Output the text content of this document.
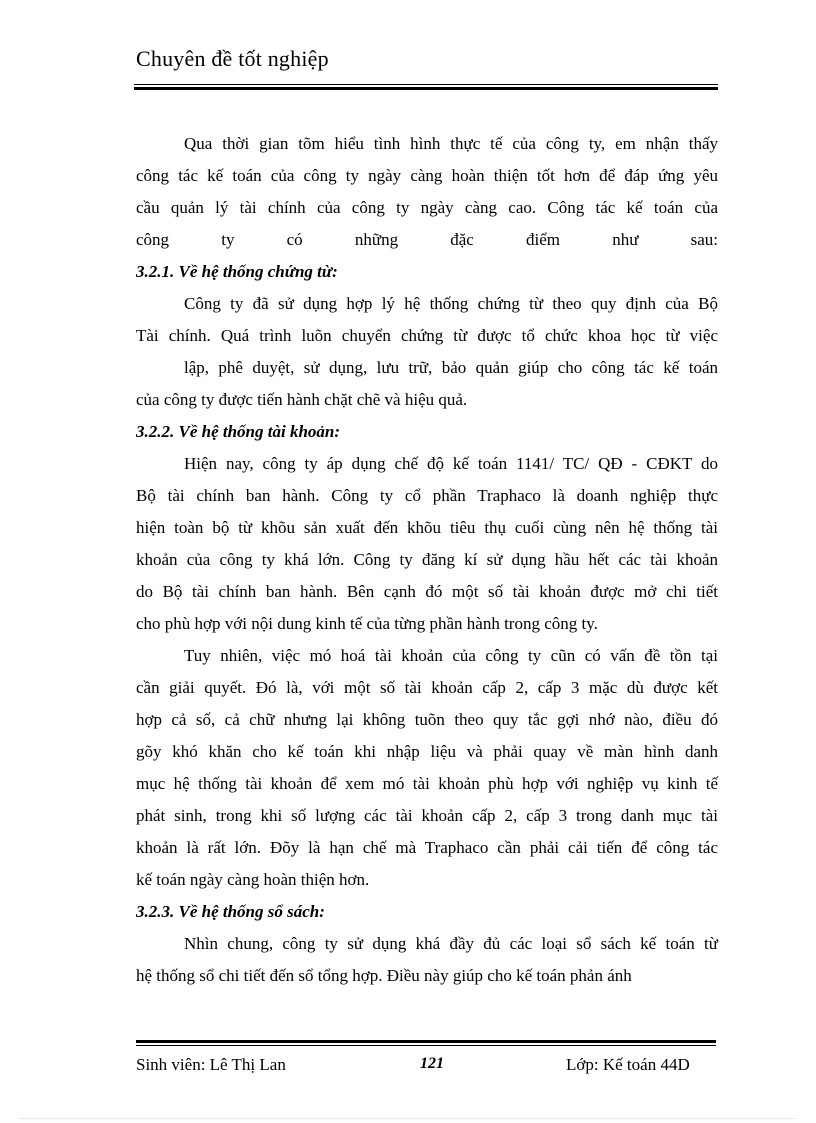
Chuyên đề tốt nghiệp
Qua thời gian tõm hiểu tình hình thực tế của công ty, em nhận thấy
công tác kế toán của công ty ngày càng hoàn thiện tốt hơn để đáp ứng yêu
cầu quản lý tài chính của công ty ngày càng cao. Công tác kế toán của
công ty có những đặc điểm như sau:
3.2.1. Về hệ thống chứng từ:
Công ty đã sử dụng hợp lý hệ thống chứng từ theo quy định của Bộ
Tài chính. Quá trình luõn chuyển chứng từ được tổ chức khoa học từ việc
lập, phê duyệt, sử dụng, lưu trữ, bảo quản giúp cho công tác kế toán
của công ty được tiến hành chặt chẽ và hiệu quả.
3.2.2. Về hệ thống tài khoản:
Hiện nay, công ty áp dụng chế độ kế toán 1141/ TC/ QĐ - CĐKT do
Bộ tài chính ban hành. Công ty cổ phần Traphaco là doanh nghiệp thực
hiện toàn bộ từ khõu sản xuất đến khõu tiêu thụ cuối cùng nên hệ thống tài
khoản của công ty khá lớn. Công ty đăng kí sử dụng hầu hết các tài khoản
do Bộ tài chính ban hành. Bên cạnh đó một số tài khoản được mở chi tiết
cho phù hợp với nội dung kinh tế của từng phần hành trong công ty.
Tuy nhiên, việc mó hoá tài khoản của công ty cũn có vấn đề tồn tại
cần giải quyết. Đó là, với một số tài khoản cấp 2, cấp 3 mặc dù được kết
hợp cả số, cả chữ nhưng lại không tuõn theo quy tắc gợi nhớ nào, điều đó
gõy khó khăn cho kế toán khi nhập liệu và phải quay về màn hình danh
mục hệ thống tài khoản để xem mó tài khoản phù hợp với nghiệp vụ kinh tế
phát sinh, trong khi số lượng các tài khoản cấp 2, cấp 3 trong danh mục tài
khoản là rất lớn. Đõy là hạn chế mà Traphaco cần phải cải tiến để công tác
kế toán ngày càng hoàn thiện hơn.
3.2.3. Về hệ thống sổ sách:
Nhìn chung, công ty sử dụng khá đầy đủ các loại sổ sách kế toán từ
hệ thống sổ chi tiết đến sổ tổng hợp. Điều này giúp cho kế toán phản ánh
Sinh viên: Lê Thị Lan	121	Lớp: Kế toán 44D
